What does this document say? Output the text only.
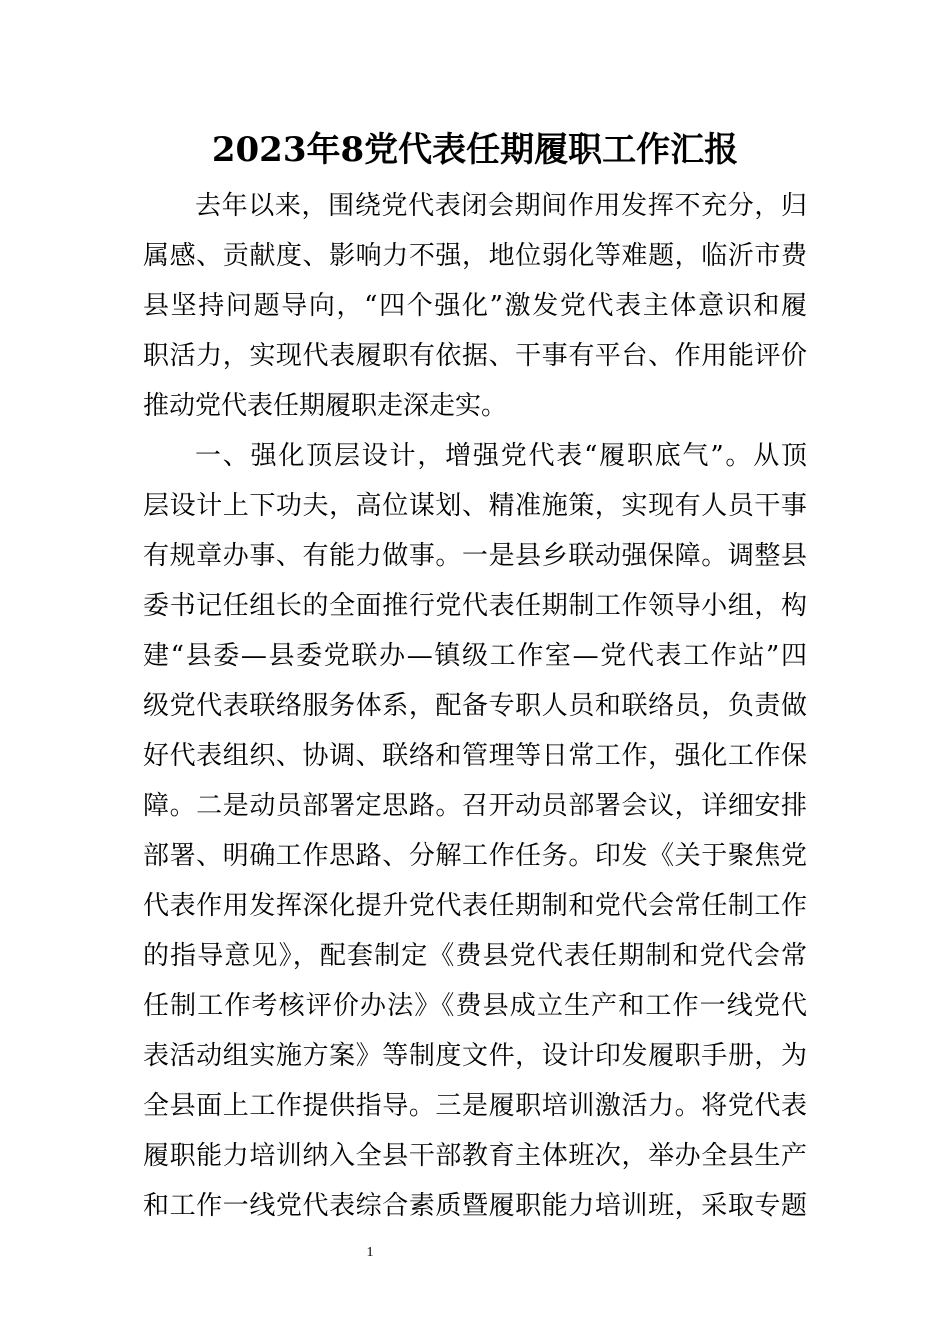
2023年8党代表任期履职工作汇报
去年以来，围绕党代表闭会期间作用发挥不充分，归
属感、贡献度、影响力不强，地位弱化等难题，临沂市费
县坚持问题导向，“四个强化”激发党代表主体意识和履
职活力，实现代表履职有依据、干事有平台、作用能评价
推动党代表任期履职走深走实。
一、强化顶层设计，增强党代表“履职底气”。从顶
层设计上下功夫，高位谋划、精准施策，实现有人员干事
有规章办事、有能力做事。一是县乡联动强保障。调整县
委书记任组长的全面推行党代表任期制工作领导小组，构
建“县委—县委党联办—镇级工作室—党代表工作站”四
级党代表联络服务体系，配备专职人员和联络员，负责做
好代表组织、协调、联络和管理等日常工作，强化工作保
障。二是动员部署定思路。召开动员部署会议，详细安排
部署、明确工作思路、分解工作任务。印发《关于聚焦党
代表作用发挥深化提升党代表任期制和党代会常任制工作
的指导意见》，配套制定《费县党代表任期制和党代会常
任制工作考核评价办法》《费县成立生产和工作一线党代
表活动组实施方案》等制度文件，设计印发履职手册，为
全县面上工作提供指导。三是履职培训激活力。将党代表
履职能力培训纳入全县干部教育主体班次，举办全县生产
和工作一线党代表综合素质暨履职能力培训班，采取专题
1
